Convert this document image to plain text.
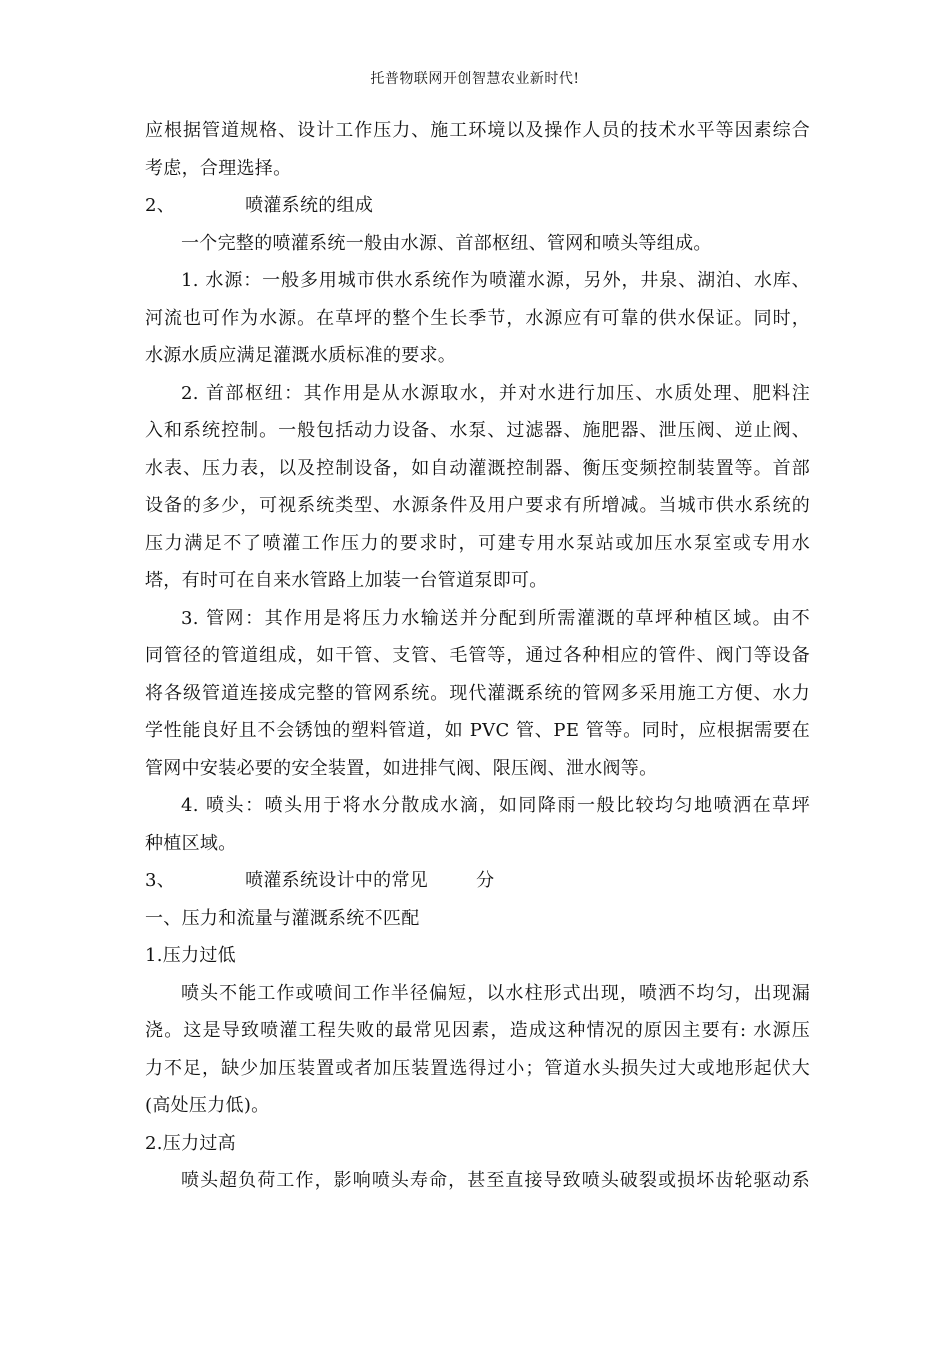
托普物联网开创智慧农业新时代!
应根据管道规格、设计工作压力、施工环境以及操作人员的技术水平等因素综合
考虑，合理选择。
2、	喷灌系统的组成
一个完整的喷灌系统一般由水源、首部枢纽、管网和喷头等组成。
1. 水源：一般多用城市供水系统作为喷灌水源，另外，井泉、湖泊、水库、
河流也可作为水源。在草坪的整个生长季节，水源应有可靠的供水保证。同时，
水源水质应满足灌溉水质标准的要求。
2. 首部枢纽：其作用是从水源取水，并对水进行加压、水质处理、肥料注
入和系统控制。一般包括动力设备、水泵、过滤器、施肥器、泄压阀、逆止阀、
水表、压力表，以及控制设备，如自动灌溉控制器、衡压变频控制装置等。首部
设备的多少，可视系统类型、水源条件及用户要求有所增减。当城市供水系统的
压力满足不了喷灌工作压力的要求时，可建专用水泵站或加压水泵室或专用水
塔，有时可在自来水管路上加装一台管道泵即可。
3. 管网：其作用是将压力水输送并分配到所需灌溉的草坪种植区域。由不
同管径的管道组成，如干管、支管、毛管等，通过各种相应的管件、阀门等设备
将各级管道连接成完整的管网系统。现代灌溉系统的管网多采用施工方便、水力
学性能良好且不会锈蚀的塑料管道，如 PVC 管、PE 管等。同时，应根据需要在
管网中安装必要的安全装置，如进排气阀、限压阀、泄水阀等。
4. 喷头：喷头用于将水分散成水滴，如同降雨一般比较均匀地喷洒在草坪
种植区域。
3、	喷灌系统设计中的常见	分
一、压力和流量与灌溉系统不匹配
1.压力过低
喷头不能工作或喷间工作半径偏短，以水柱形式出现，喷洒不均匀，出现漏
浇。这是导致喷灌工程失败的最常见因素，造成这种情况的原因主要有: 水源压
力不足，缺少加压装置或者加压装置选得过小；管道水头损失过大或地形起伏大
(高处压力低)。
2.压力过高
喷头超负荷工作，影响喷头寿命，甚至直接导致喷头破裂或损坏齿轮驱动系
